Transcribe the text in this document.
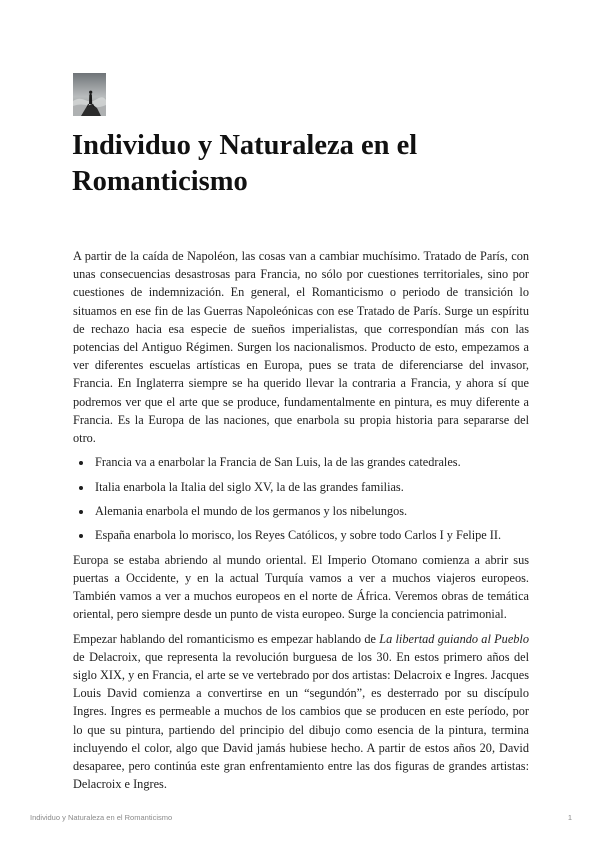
Individuo y Naturaleza en el Romanticismo

A partir de la caída de Napoléon, las cosas van a cambiar muchísimo. Tratado de París, con unas consecuencias desastrosas para Francia, no sólo por cuestiones territoriales, sino por cuestiones de indemnización. En general, el Romanticismo o periodo de transición lo situamos en ese fin de las Guerras Napoleónicas con ese Tratado de París. Surge un espíritu de rechazo hacia esa especie de sueños imperialistas, que correspondían más con las potencias del Antiguo Régimen. Surgen los nacionalismos. Producto de esto, empezamos a ver diferentes escuelas artísticas en Europa, pues se trata de diferenciarse del invasor, Francia. En Inglaterra siempre se ha querido llevar la contraria a Francia, y ahora sí que podremos ver que el arte que se produce, fundamentalmente en pintura, es muy diferente a Francia. Es la Europa de las naciones, que enarbola su propia historia para separarse del otro.

• Francia va a enarbolar la Francia de San Luis, la de las grandes catedrales.
• Italia enarbola la Italia del siglo XV, la de las grandes familias.
• Alemania enarbola el mundo de los germanos y los nibelungos.
• España enarbola lo morisco, los Reyes Católicos, y sobre todo Carlos I y Felipe II.

Europa se estaba abriendo al mundo oriental. El Imperio Otomano comienza a abrir sus puertas a Occidente, y en la actual Turquía vamos a ver a muchos viajeros europeos. También vamos a ver a muchos europeos en el norte de África. Veremos obras de temática oriental, pero siempre desde un punto de vista europeo. Surge la conciencia patrimonial.

Empezar hablando del romanticismo es empezar hablando de La libertad guiando al Pueblo de Delacroix, que representa la revolución burguesa de los 30. En estos primero años del siglo XIX, y en Francia, el arte se ve vertebrado por dos artistas: Delacroix e Ingres. Jacques Louis David comienza a convertirse en un “segundón”, es desterrado por su discípulo Ingres. Ingres es permeable a muchos de los cambios que se producen en este período, por lo que su pintura, partiendo del principio del dibujo como esencia de la pintura, termina incluyendo el color, algo que David jamás hubiese hecho. A partir de estos años 20, David desaparee, pero continúa este gran enfrentamiento entre las dos figuras de grandes artistas: Delacroix e Ingres.

Individuo y Naturaleza en el Romanticismo	1
